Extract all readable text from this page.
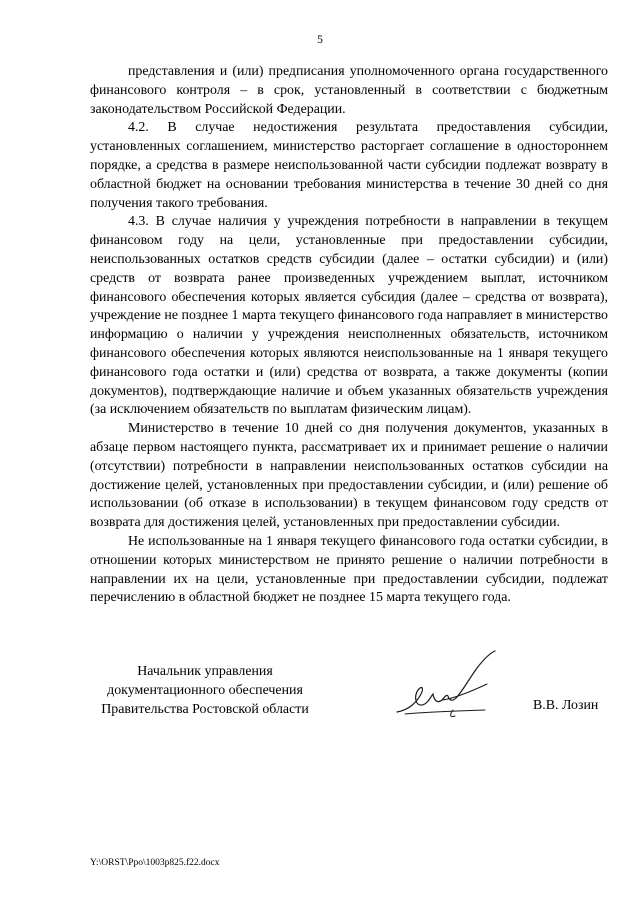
5

представления и (или) предписания уполномоченного органа государственного финансового контроля – в срок, установленный в соответствии с бюджетным законодательством Российской Федерации.

4.2. В случае недостижения результата предоставления субсидии, установленных соглашением, министерство расторгает соглашение в одностороннем порядке, а средства в размере неиспользованной части субсидии подлежат возврату в областной бюджет на основании требования министерства в течение 30 дней со дня получения такого требования.

4.3. В случае наличия у учреждения потребности в направлении в текущем финансовом году на цели, установленные при предоставлении субсидии, неиспользованных остатков средств субсидии (далее – остатки субсидии) и (или) средств от возврата ранее произведенных учреждением выплат, источником финансового обеспечения которых является субсидия (далее – средства от возврата), учреждение не позднее 1 марта текущего финансового года направляет в министерство информацию о наличии у учреждения неисполненных обязательств, источником финансового обеспечения которых являются неиспользованные на 1 января текущего финансового года остатки и (или) средства от возврата, а также документы (копии документов), подтверждающие наличие и объем указанных обязательств учреждения (за исключением обязательств по выплатам физическим лицам).

Министерство в течение 10 дней со дня получения документов, указанных в абзаце первом настоящего пункта, рассматривает их и принимает решение о наличии (отсутствии) потребности в направлении неиспользованных остатков субсидии на достижение целей, установленных при предоставлении субсидии, и (или) решение об использовании (об отказе в использовании) в текущем финансовом году средств от возврата для достижения целей, установленных при предоставлении субсидии.

Не использованные на 1 января текущего финансового года остатки субсидии, в отношении которых министерством не принято решение о наличии потребности в направлении их на цели, установленные при предоставлении субсидии, подлежат перечислению в областной бюджет не позднее 15 марта текущего года.

Начальник управления
документационного обеспечения
Правительства Ростовской области	В.В. Лозин
Y:\ORST\Ppo\1003p825.f22.docx
